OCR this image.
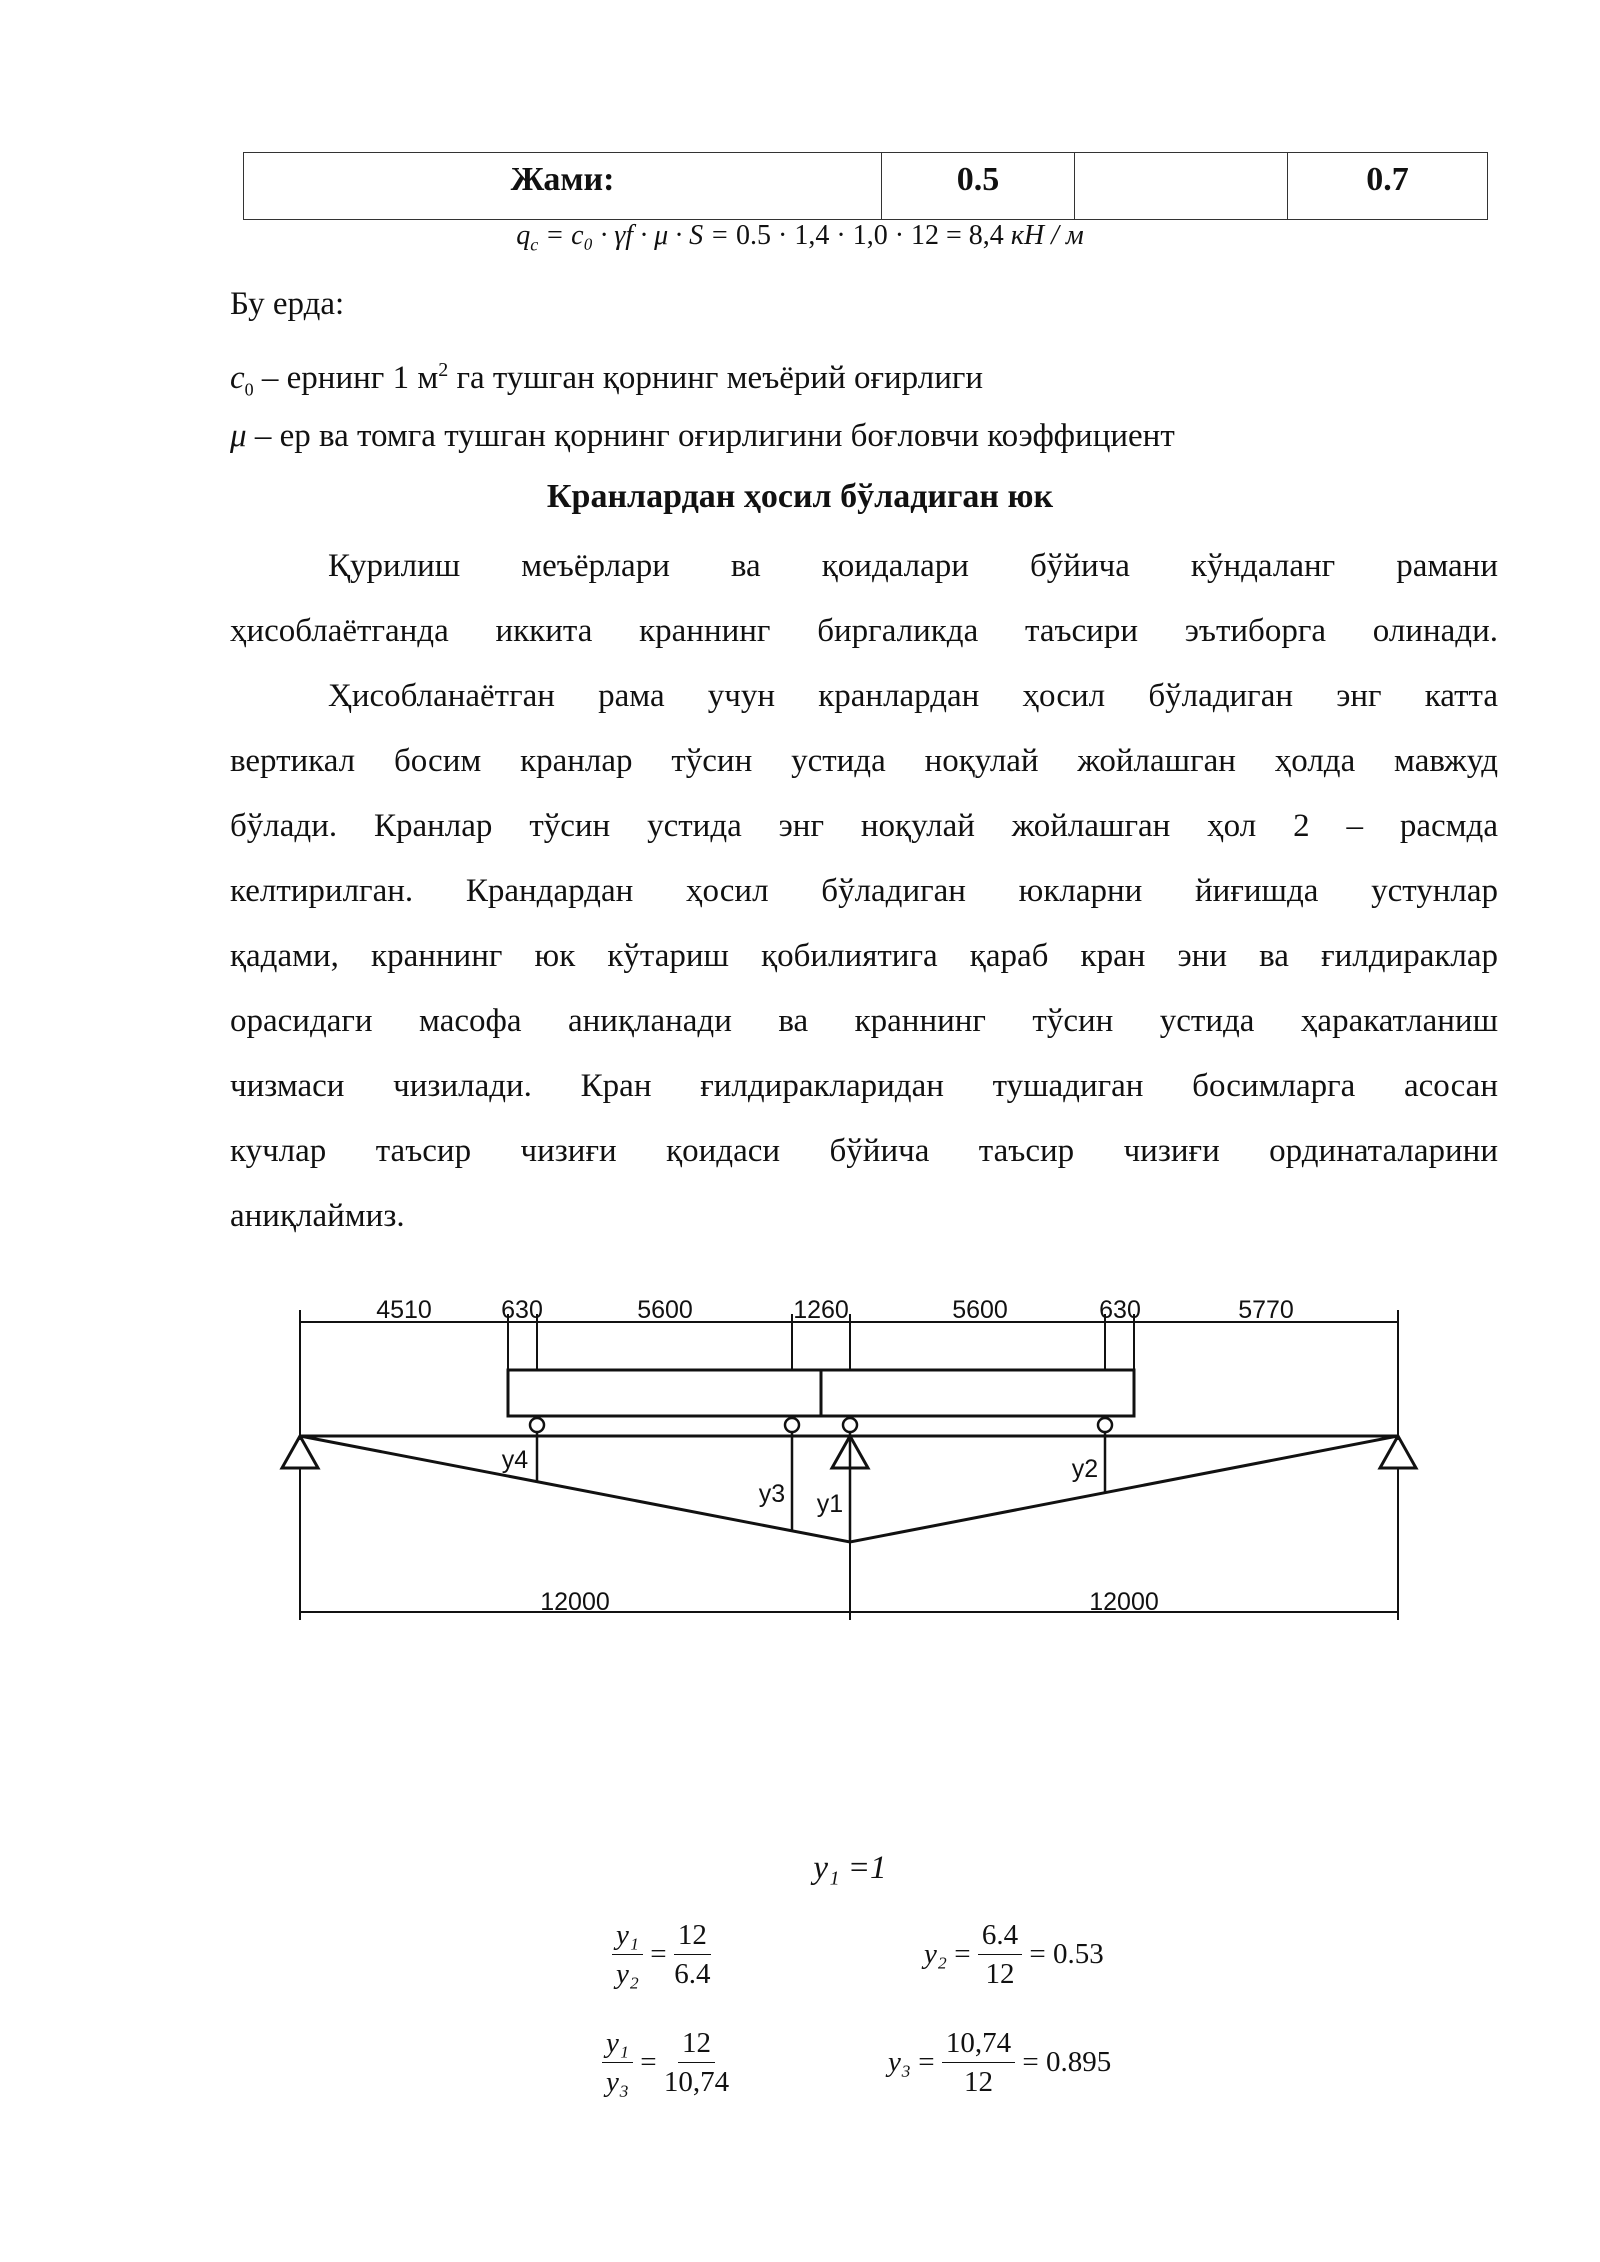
Жами:	0.5		0.7
$q_c = c_0 \cdot \gamma f \cdot \mu \cdot S = 0.5 \cdot 1,4 \cdot 1,0 \cdot 12 = 8,4$ кН / м
Бу ерда:
$c_0$ – ернинг 1 $м^2$ га тушган қорнинг меъёрий оғирлиги
μ – ер ва томга тушган қорнинг оғирлигини боғловчи коэффициент
Кранлардан ҳосил бўладиган юк
Қурилиш меъёрлари ва қоидалари бўйича кўндаланг рамани
ҳисоблаётганда иккита краннинг биргаликда таъсири эътиборга олинади.
Ҳисобланаётган рама учун кранлардан ҳосил бўладиган энг катта
вертикал босим кранлар тўсин устида ноқулай жойлашган ҳолда мавжуд
бўлади. Кранлар тўсин устида энг ноқулай жойлашган ҳол 2 – расмда
келтирилган. Крандардан ҳосил бўладиган юкларни йиғишда устунлар
қадами, краннинг юк кўтариш қобилиятига қараб кран эни ва ғилдираклар
орасидаги масофа аниқланади ва краннинг тўсин устида ҳаракатланиш
чизмаси чизилади. Кран ғилдиракларидан тушадиган босимларга асосан
кучлар таъсир чизиғи қоидаси бўйича таъсир чизиғи ординаталарини
аниқлаймиз.
4510	630	5600	1260	5600	630	5770
12000	12000
y4
y3 y1
y2
y₁ =1
$\frac{\text{y₁}}{\text{y₂}} = \frac{12}{6.4}$	$y_2 = \frac{6.4}{12} = 0.53$
$\frac{\text{y₁}}{\text{y₃}} = \frac{12}{10,74}$	$y_3 = \frac{10,74}{12} = 0.895$
